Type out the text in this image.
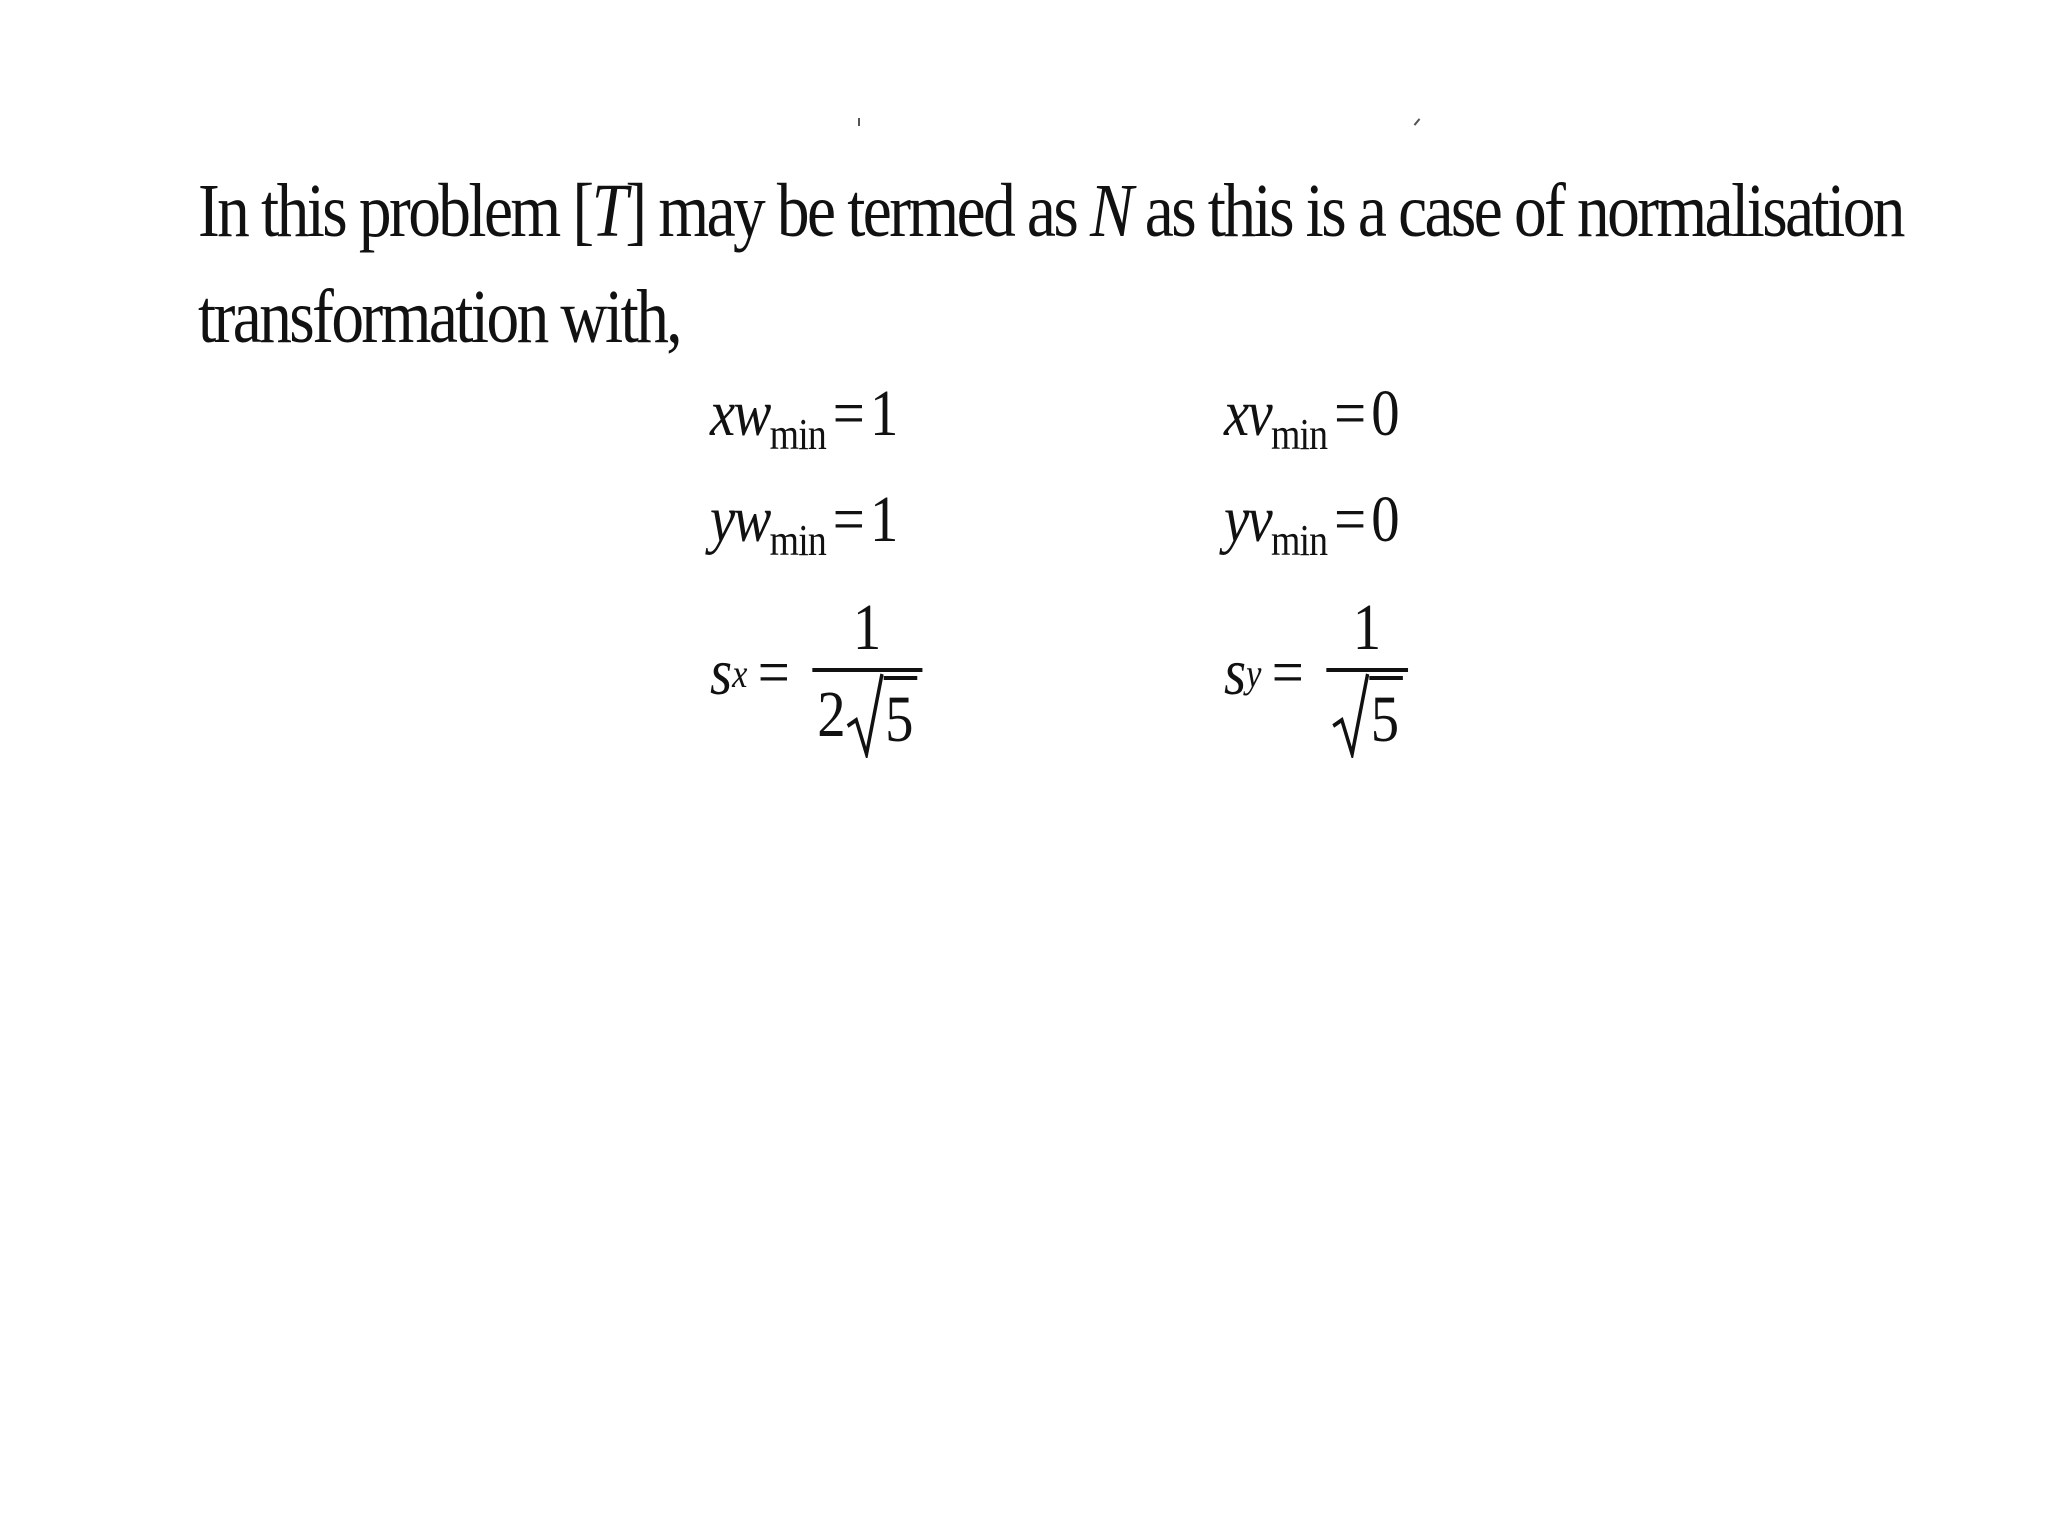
In this problem [T] may be termed as N as this is a case of normalisation
transformation with,
$xw_{min} = 1$	$xv_{min} = 0$
$yw_{min} = 1$	$yv_{min} = 0$
s $x = \frac{1}{2 5}$	s $y = \frac{1}{5}$
